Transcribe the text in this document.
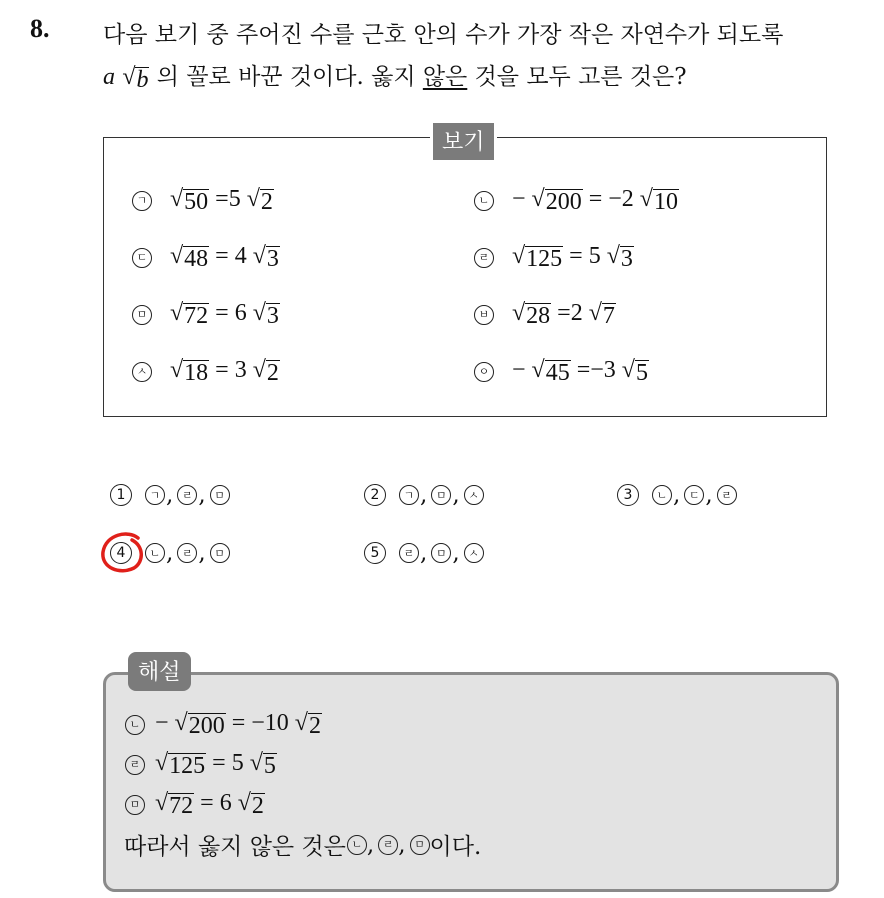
8. 다음 보기 중 주어진 수를 근호 안의 수가 가장 작은 자연수가 되도록
a √ b 의 꼴로 바꾼 것이다. 옳지 않은 것을 모두 고른 것은?
보기
ㄱ √ 50 =5 √ 2	ㄴ − √ 200 = −2 √ 10
ㄷ √ 48 = 4 √ 3	ㄹ √ 125 = 5 √ 3
ㅁ √ 72 = 6 √ 3	ㅂ √ 28 =2 √ 7
ㅅ √ 18 = 3 √ 2	ㅇ − √ 45 =−3 √ 5
1	ㄱ , ㄹ , ㅁ	2	ㄱ , ㅁ , ㅅ	3	ㄴ , ㄷ , ㄹ
4	ㄴ , ㄹ , ㅁ	5	ㄹ , ㅁ , ㅅ
해설
ㄴ − √ 200 = −10 √ 2
ㄹ √ 125 = 5 √ 5
ㅁ √ 72 = 6 √ 2
따라서 옳지 않은 것은 ㄴ , ㄹ , ㅁ 이다.
